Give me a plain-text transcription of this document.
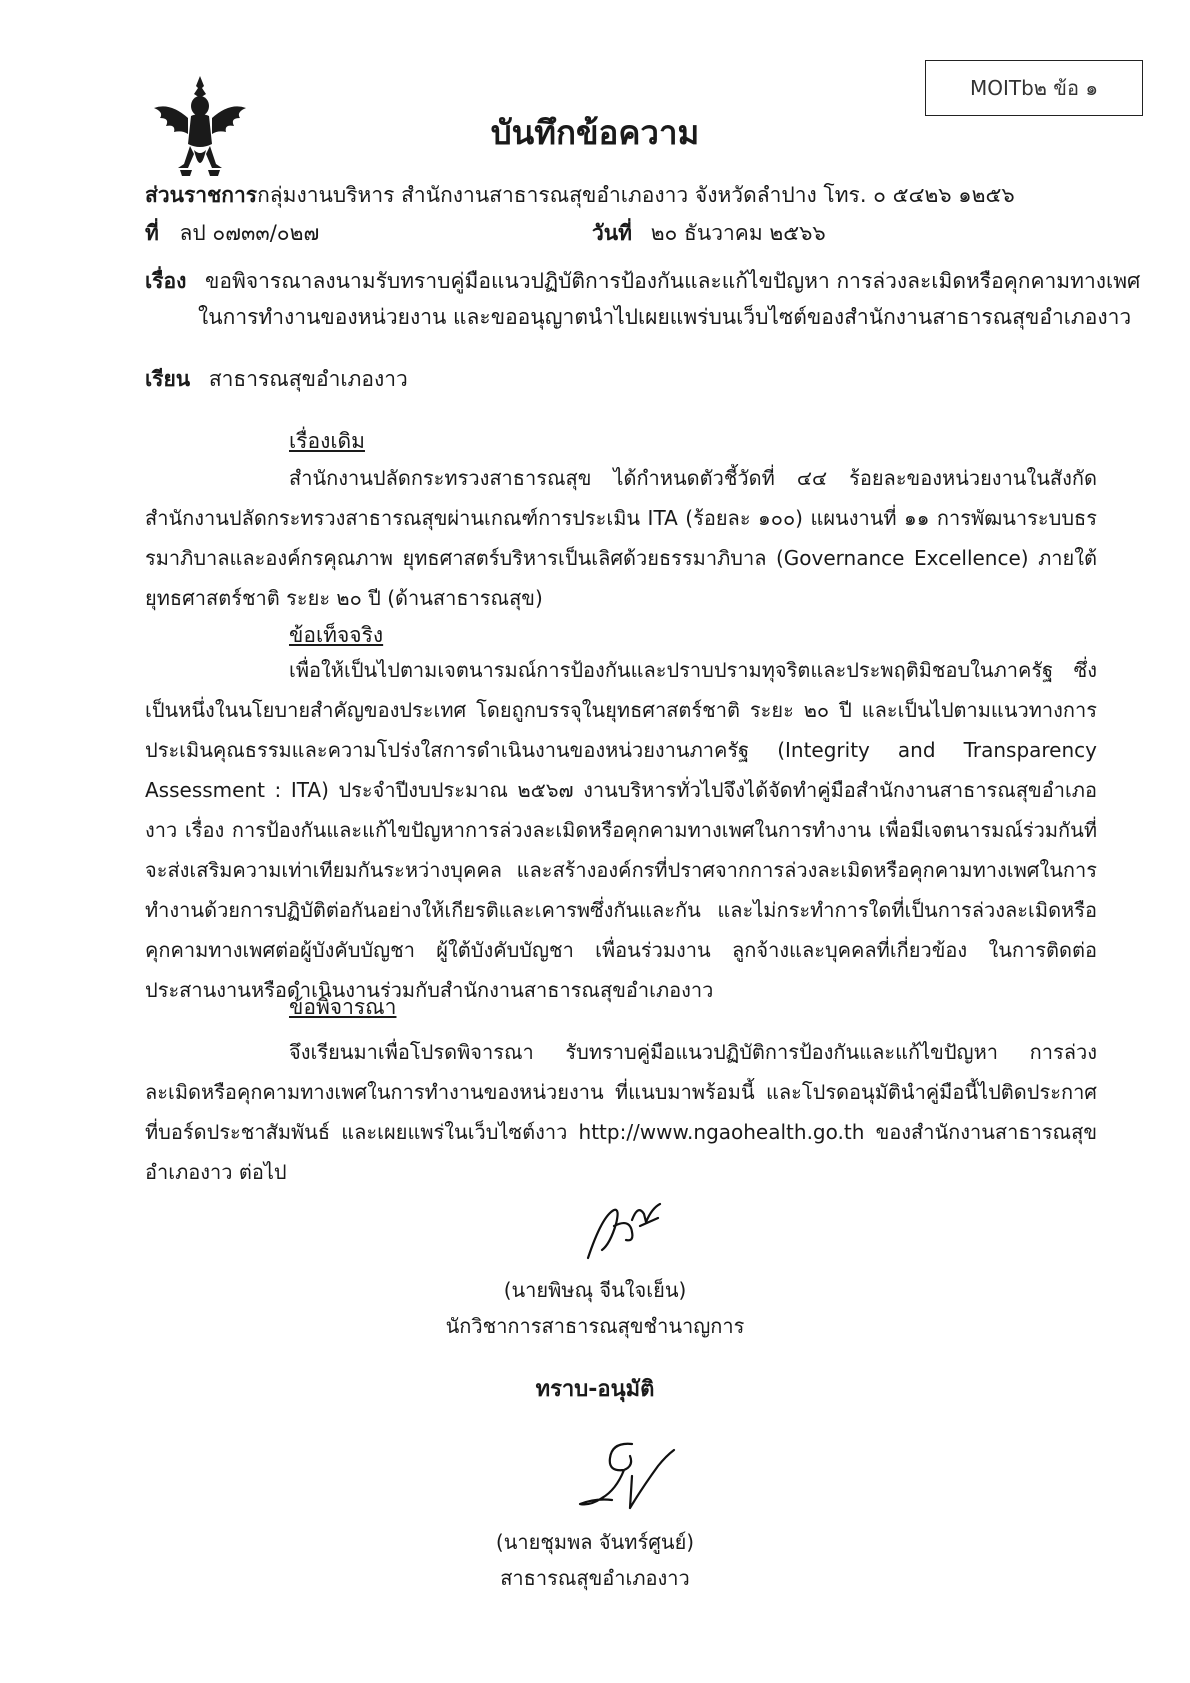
MOITb๒ ข้อ ๑
บันทึกข้อความ
ส่วนราชการกลุ่มงานบริหาร สำนักงานสาธารณสุขอำเภองาว จังหวัดลำปาง โทร. ๐ ๕๔๒๖ ๑๒๕๖
ที่ ลป ๐๗๓๓/๐๒๗	วันที่ ๒๐ ธันวาคม ๒๕๖๖
เรื่อง ขอพิจารณาลงนามรับทราบคู่มือแนวปฏิบัติการป้องกันและแก้ไขปัญหา การล่วงละเมิดหรือคุกคามทางเพศ
ในการทำงานของหน่วยงาน และขออนุญาตนำไปเผยแพร่บนเว็บไซต์ของสำนักงานสาธารณสุขอำเภองาว
เรียน สาธารณสุขอำเภองาว
เรื่องเดิม

สำนักงานปลัดกระทรวงสาธารณสุข ได้กำหนดตัวชี้วัดที่ ๔๔ ร้อยละของหน่วยงานในสังกัดสำนักงานปลัดกระทรวงสาธารณสุขผ่านเกณฑ์การประเมิน ITA (ร้อยละ ๑๐๐) แผนงานที่ ๑๑ การพัฒนาระบบธรรมาภิบาลและองค์กรคุณภาพ ยุทธศาสตร์บริหารเป็นเลิศด้วยธรรมาภิบาล (Governance Excellence) ภายใต้ยุทธศาสตร์ชาติ ระยะ ๒๐ ปี (ด้านสาธารณสุข)

ข้อเท็จจริง

เพื่อให้เป็นไปตามเจตนารมณ์การป้องกันและปราบปรามทุจริตและประพฤติมิชอบในภาครัฐ ซึ่งเป็นหนึ่งในนโยบายสำคัญของประเทศ โดยถูกบรรจุในยุทธศาสตร์ชาติ ระยะ ๒๐ ปี และเป็นไปตามแนวทางการประเมินคุณธรรมและความโปร่งใสการดำเนินงานของหน่วยงานภาครัฐ (Integrity and Transparency Assessment : ITA) ประจำปีงบประมาณ ๒๕๖๗ งานบริหารทั่วไปจึงได้จัดทำคู่มือสำนักงานสาธารณสุขอำเภองาว เรื่อง การป้องกันและแก้ไขปัญหาการล่วงละเมิดหรือคุกคามทางเพศในการทำงาน เพื่อมีเจตนารมณ์ร่วมกันที่จะส่งเสริมความเท่าเทียมกันระหว่างบุคคล และสร้างองค์กรที่ปราศจากการล่วงละเมิดหรือคุกคามทางเพศในการทำงานด้วยการปฏิบัติต่อกันอย่างให้เกียรติและเคารพซึ่งกันและกัน และไม่กระทำการใดที่เป็นการล่วงละเมิดหรือคุกคามทางเพศต่อผู้บังคับบัญชา ผู้ใต้บังคับบัญชา เพื่อนร่วมงาน ลูกจ้างและบุคคลที่เกี่ยวข้อง ในการติดต่อประสานงานหรือดำเนินงานร่วมกับสำนักงานสาธารณสุขอำเภองาว

ข้อพิจารณา

จึงเรียนมาเพื่อโปรดพิจารณา รับทราบคู่มือแนวปฏิบัติการป้องกันและแก้ไขปัญหา การล่วงละเมิดหรือคุกคามทางเพศในการทำงานของหน่วยงาน ที่แนบมาพร้อมนี้ และโปรดอนุมัตินำคู่มือนี้ไปติดประกาศที่บอร์ดประชาสัมพันธ์ และเผยแพร่ในเว็บไซต์งาว http://www.ngaohealth.go.th ของสำนักงานสาธารณสุขอำเภองาว ต่อไป

(นายพิษณุ จีนใจเย็น)
นักวิชาการสาธารณสุขชำนาญการ
ทราบ-อนุมัติ
(นายชุมพล จันทร์ศูนย์)
สาธารณสุขอำเภองาว
